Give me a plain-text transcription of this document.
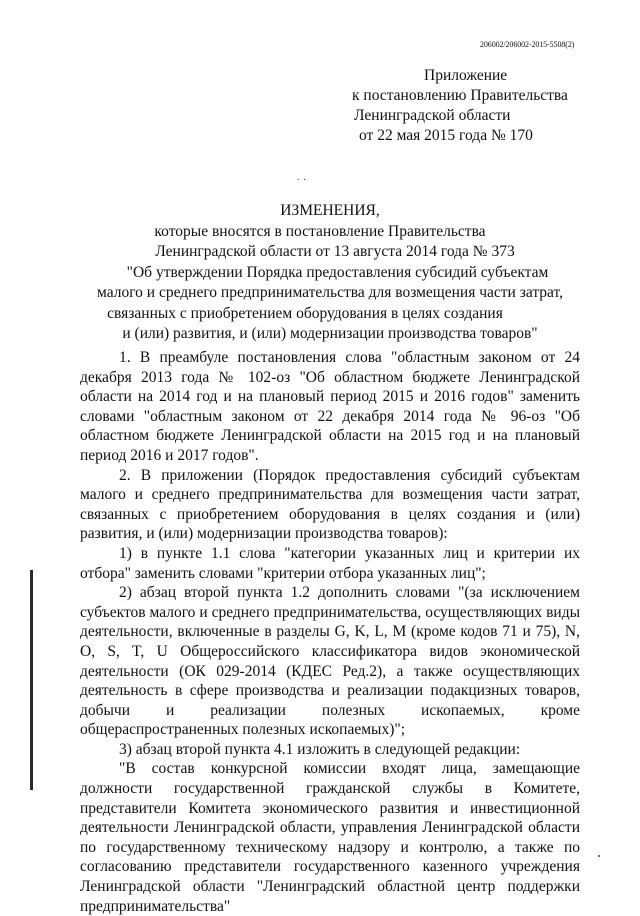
206002/206002-2015-5508(2)
Приложение
к постановлению Правительства
Ленинградской области
от 22 мая 2015 года № 170
. .
ИЗМЕНЕНИЯ,
которые вносятся в постановление Правительства
Ленинградской области от 13 августа 2014 года № 373
"Об утверждении Порядка предоставления субсидий субъектам
малого и среднего предпринимательства для возмещения части затрат,
связанных с приобретением оборудования в целях создания
и (или) развития, и (или) модернизации производства товаров"

1. В преамбуле постановления слова "областным законом от 24 декабря 2013 года № 102-оз "Об областном бюджете Ленинградской области на 2014 год и на плановый период 2015 и 2016 годов" заменить словами "областным законом от 22 декабря 2014 года № 96-оз "Об областном бюджете Ленинградской области на 2015 год и на плановый период 2016 и 2017 годов".

2. В приложении (Порядок предоставления субсидий субъектам малого и среднего предпринимательства для возмещения части затрат, связанных с приобретением оборудования в целях создания и (или) развития, и (или) модернизации производства товаров):

1) в пункте 1.1 слова "категории указанных лиц и критерии их отбора" заменить словами "критерии отбора указанных лиц";

2) абзац второй пункта 1.2 дополнить словами "(за исключением субъектов малого и среднего предпринимательства, осуществляющих виды деятельности, включенные в разделы G, K, L, M (кроме кодов 71 и 75), N, O, S, T, U Общероссийского классификатора видов экономической деятельности (ОК 029-2014 (КДЕС Ред.2), а также осуществляющих деятельность в сфере производства и реализации подакцизных товаров, добычи и реализации полезных ископаемых, кроме общераспространенных полезных ископаемых)";

3) абзац второй пункта 4.1 изложить в следующей редакции:

"В состав конкурсной комиссии входят лица, замещающие должности государственной гражданской службы в Комитете, представители Комитета экономического развития и инвестиционной деятельности Ленинградской области, управления Ленинградской области по государственному техническому надзору и контролю, а также по согласованию представители государственного казенного учреждения Ленинградской области "Ленинградский областной центр поддержки предпринимательства"
